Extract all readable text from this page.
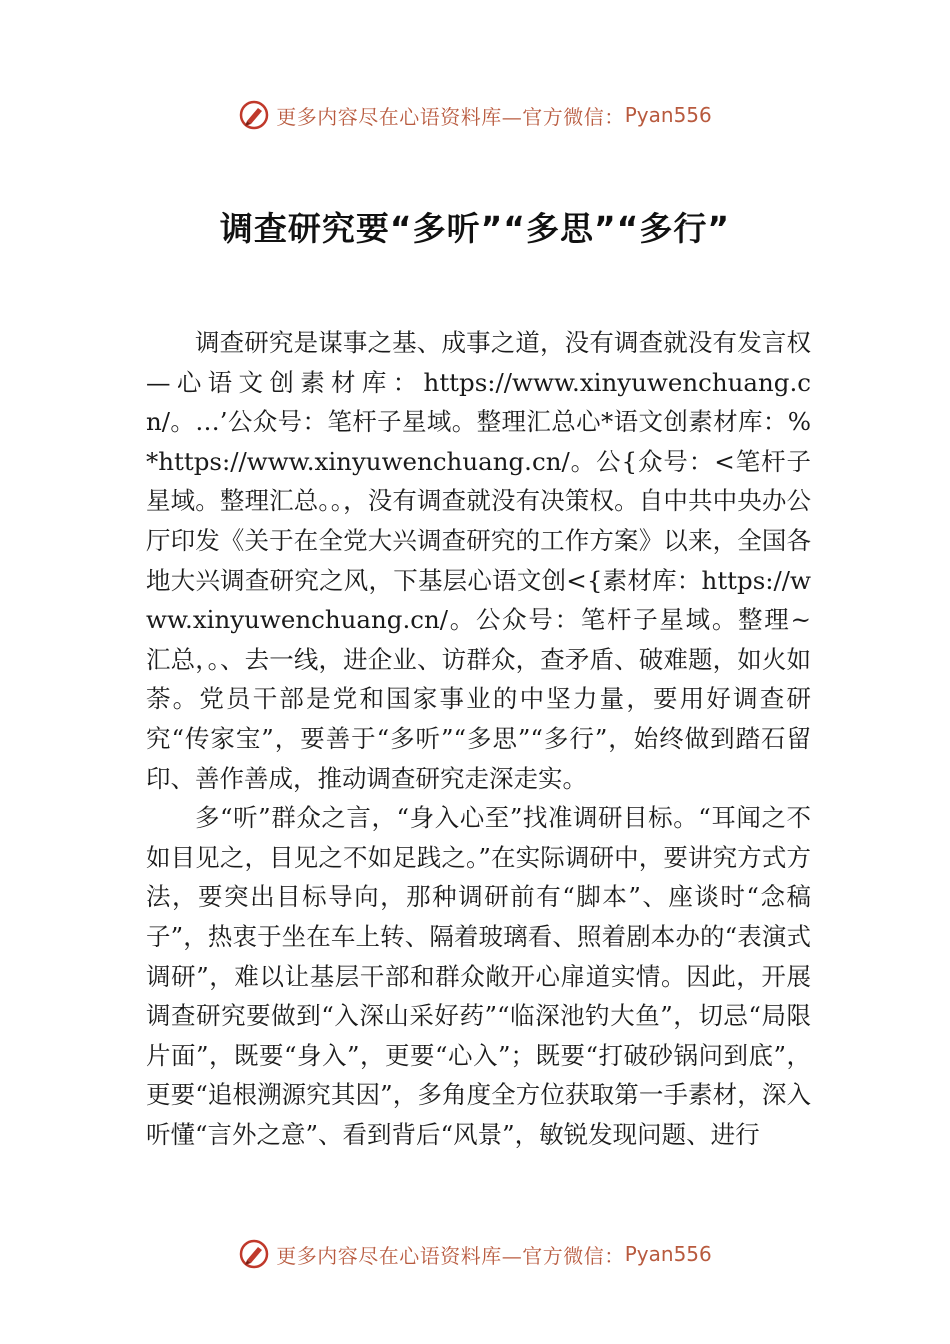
更多内容尽在心语资料库—官方微信： Pyan556
调查研究要“多听”“多思”“多行”

调查研究是谋事之基、成事之道，没有调查就没有发言权—心语文创素材库：https://www.xinyuwenchuang.cn/。…’公众号：笔杆子星域。整理汇总心*语文创素材库：%*https://www.xinyuwenchuang.cn/。公{众号：<笔杆子星域。整理汇总。。，没有调查就没有决策权。自中共中央办公厅印发《关于在全党大兴调查研究的工作方案》以来，全国各地大兴调查研究之风，下基层心语文创<{素材库：https://www.xinyuwenchuang.cn/。公众号：笔杆子星域。整理~汇总，。、去一线，进企业、访群众，查矛盾、破难题，如火如荼。党员干部是党和国家事业的中坚力量，要用好调查研究“传家宝”，要善于“多听”“多思”“多行”，始终做到踏石留印、善作善成，推动调查研究走深走实。

多“听”群众之言，“身入心至”找准调研目标。“耳闻之不如目见之，目见之不如足践之。”在实际调研中，要讲究方式方法，要突出目标导向，那种调研前有“脚本”、座谈时“念稿子”，热衷于坐在车上转、隔着玻璃看、照着剧本办的“表演式调研”，难以让基层干部和群众敞开心扉道实情。因此，开展调查研究要做到“入深山采好药”“临深池钓大鱼”，切忌“局限片面”，既要“身入”，更要“心入”；既要“打破砂锅问到底”，更要“追根溯源究其因”，多角度全方位获取第一手素材，深入听懂“言外之意”、看到背后“风景”，敏锐发现问题、进行

更多内容尽在心语资料库—官方微信： Pyan556
